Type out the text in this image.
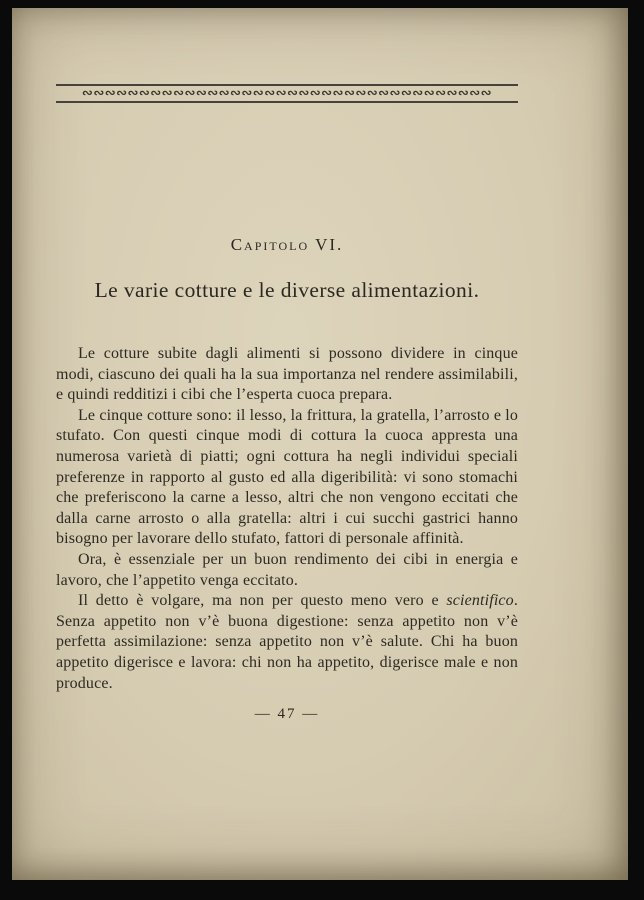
∾∾∾∾∾∾∾∾∾∾∾∾∾∾∾∾∾∾∾∾∾∾∾∾∾∾∾∾∾∾∾∾∾∾∾∾
Capitolo VI.
Le varie cotture e le diverse alimentazioni.

Le cotture subite dagli alimenti si possono dividere in cinque modi, ciascuno dei quali ha la sua importanza nel rendere assimilabili, e quindi redditizi i cibi che l’esperta cuoca prepara.

Le cinque cotture sono: il lesso, la frittura, la gratella, l’arrosto e lo stufato. Con questi cinque modi di cottura la cuoca appresta una numerosa varietà di piatti; ogni cottura ha negli individui speciali preferenze in rapporto al gusto ed alla digeribilità: vi sono stomachi che preferiscono la carne a lesso, altri che non vengono eccitati che dalla carne arrosto o alla gratella: altri i cui succhi gastrici hanno bisogno per lavorare dello stufato, fattori di personale affinità.

Ora, è essenziale per un buon rendimento dei cibi in energia e lavoro, che l’appetito venga eccitato.

Il detto è volgare, ma non per questo meno vero e scientifico. Senza appetito non v’è buona digestione: senza appetito non v’è perfetta assimilazione: senza appetito non v’è salute. Chi ha buon appetito digerisce e lavora: chi non ha appetito, digerisce male e non produce.

— 47 —
